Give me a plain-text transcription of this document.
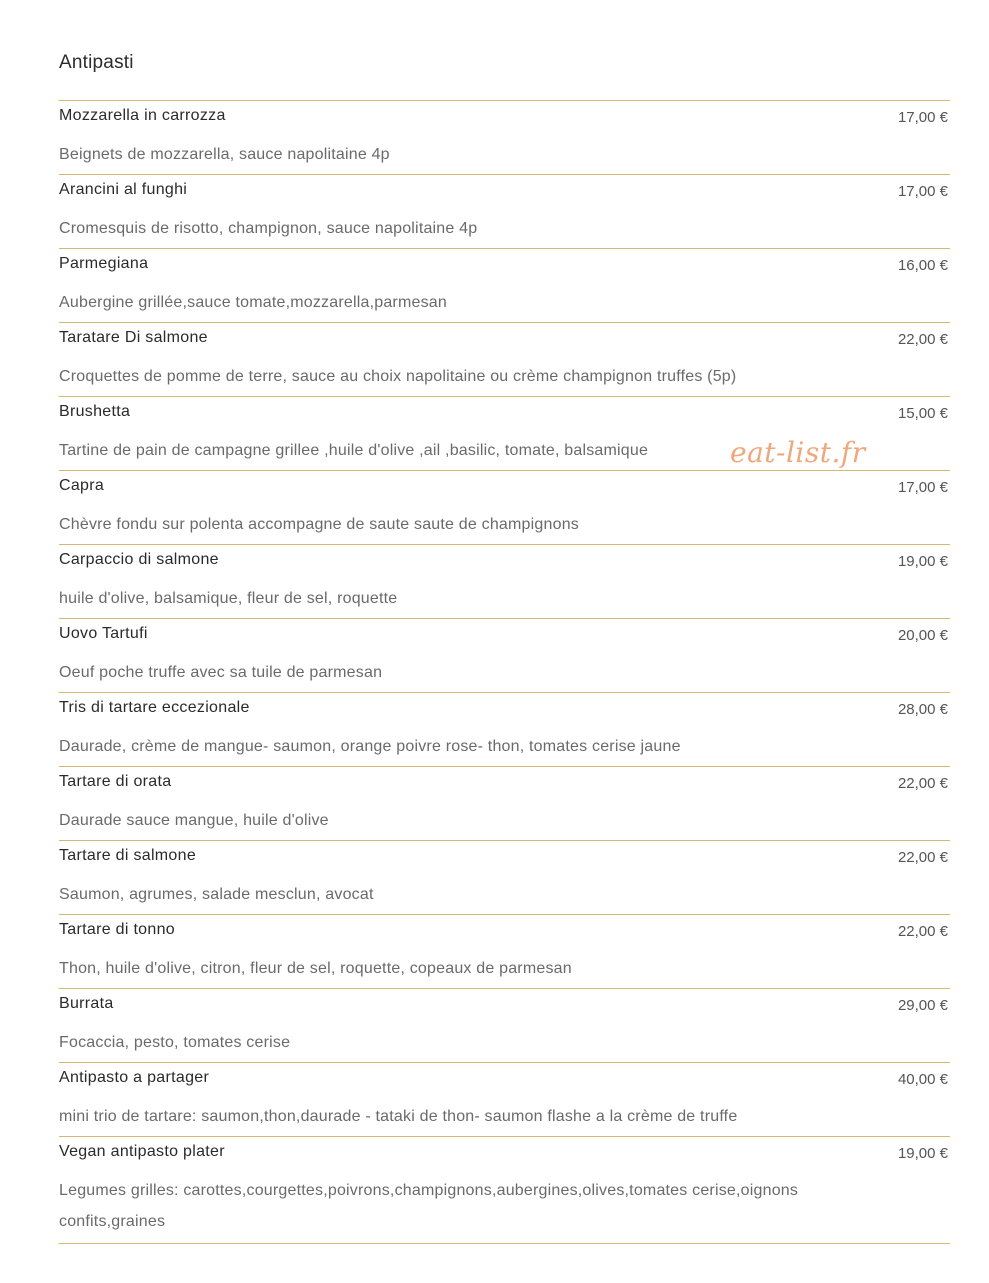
Antipasti
Mozzarella in carrozza	17,00 €
Beignets de mozzarella, sauce napolitaine 4p
Arancini al funghi	17,00 €
Cromesquis de risotto, champignon, sauce napolitaine 4p
Parmegiana	16,00 €
Aubergine grillée,sauce tomate,mozzarella,parmesan
Taratare Di salmone	22,00 €
Croquettes de pomme de terre, sauce au choix napolitaine ou crème champignon truffes (5p)
Brushetta	15,00 €
Tartine de pain de campagne grillee ,huile d'olive ,ail ,basilic, tomate, balsamique
Capra	17,00 €
Chèvre fondu sur polenta accompagne de saute saute de champignons
Carpaccio di salmone	19,00 €
huile d'olive, balsamique, fleur de sel, roquette
Uovo Tartufi	20,00 €
Oeuf poche truffe avec sa tuile de parmesan
Tris di tartare eccezionale	28,00 €
Daurade, crème de mangue- saumon, orange poivre rose- thon, tomates cerise jaune
Tartare di orata	22,00 €
Daurade sauce mangue, huile d'olive
Tartare di salmone	22,00 €
Saumon, agrumes, salade mesclun, avocat
Tartare di tonno	22,00 €
Thon, huile d'olive, citron, fleur de sel, roquette, copeaux de parmesan
Burrata	29,00 €
Focaccia, pesto, tomates cerise
Antipasto a partager	40,00 €
mini trio de tartare: saumon,thon,daurade - tataki de thon- saumon flashe a la crème de truffe
Vegan antipasto plater	19,00 €
Legumes grilles: carottes,courgettes,poivrons,champignons,aubergines,olives,tomates cerise,oignons confits,graines
eat-list.fr
